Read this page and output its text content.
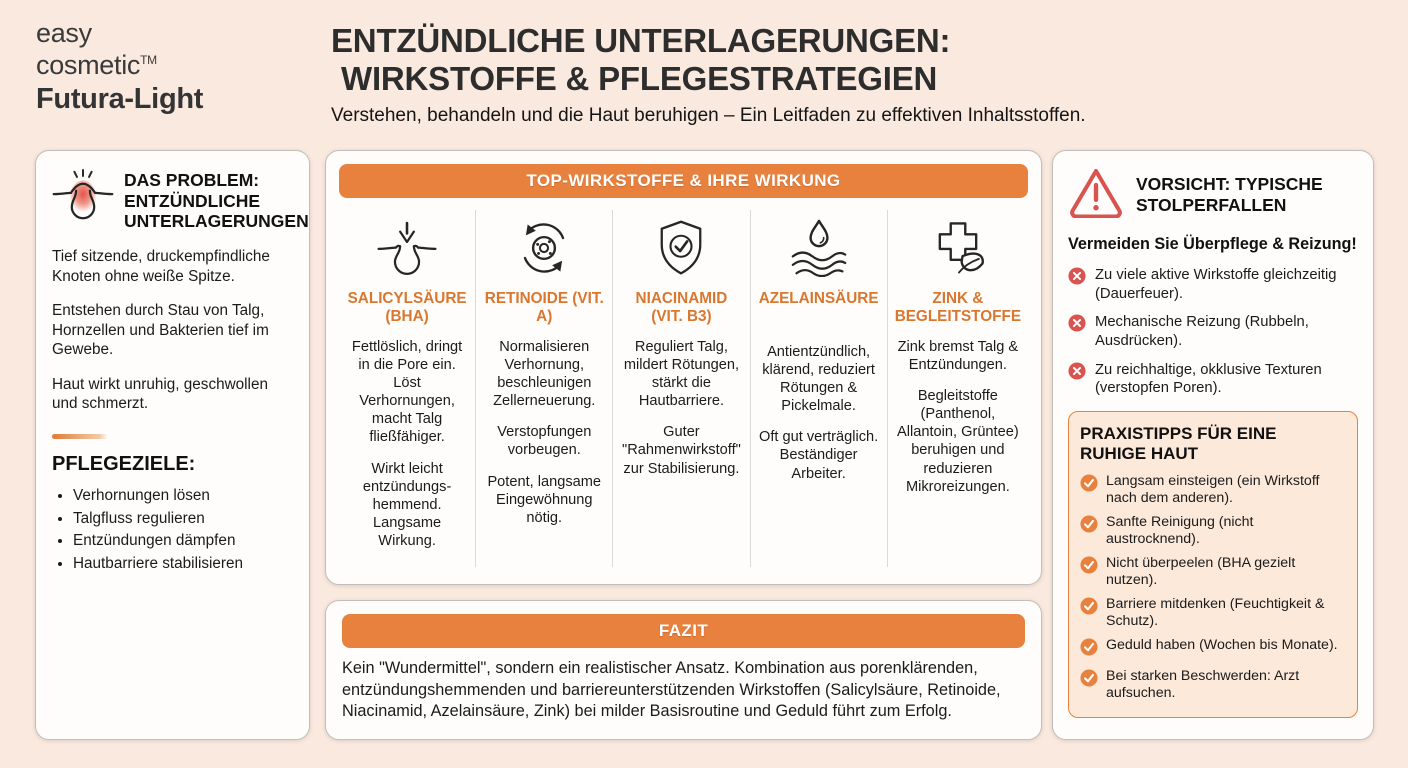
easy
cosmetic™
Futura-Light
ENTZÜNDLICHE UNTERLAGERUNGEN:
WIRKSTOFFE & PFLEGESTRATEGIEN

Verstehen, behandeln und die Haut beruhigen – Ein Leitfaden zu effektiven Inhaltsstoffen.

DAS PROBLEM: ENTZÜNDLICHE UNTERLAGERUNGEN

Tief sitzende, druckempfindliche Knoten ohne weiße Spitze.

Entstehen durch Stau von Talg, Hornzellen und Bakterien tief im Gewebe.

Haut wirkt unruhig, geschwollen und schmerzt.

PFLEGEZIELE:
• Verhornungen lösen
• Talgfluss regulieren
• Entzündungen dämpfen
• Hautbarriere stabilisieren
TOP-WIRKSTOFFE & IHRE WIRKUNG
SALICYLSÄURE (BHA)

Fettlöslich, dringt in die Pore ein. Löst Verhornungen, macht Talg fließfähiger.

Wirkt leicht entzündungs-hemmend. Langsame Wirkung.

RETINOIDE (VIT. A)

Normalisieren Verhornung, beschleunigen Zellerneuerung.

Verstopfungen vorbeugen.

Potent, langsame Eingewöhnung nötig.

NIACINAMID (VIT. B3)

Reguliert Talg, mildert Rötungen, stärkt die Hautbarriere.

Guter "Rahmenwirkstoff" zur Stabilisierung.

AZELAINSÄURE

Antientzündlich, klärend, reduziert Rötungen & Pickelmale.

Oft gut verträglich. Beständiger Arbeiter.

ZINK & BEGLEITSTOFFE

Zink bremst Talg & Entzündungen.

Begleitstoffe (Panthenol, Allantoin, Grüntee) beruhigen und reduzieren Mikroreizungen.

FAZIT

Kein "Wundermittel", sondern ein realistischer Ansatz. Kombination aus porenklärenden, entzündungshemmenden und barriereunterstützenden Wirkstoffen (Salicylsäure, Retinoide, Niacinamid, Azelainsäure, Zink) bei milder Basisroutine und Geduld führt zum Erfolg.

VORSICHT: TYPISCHE STOLPERFALLEN

Vermeiden Sie Überpflege & Reizung!

Zu viele aktive Wirkstoffe gleichzeitig (Dauerfeuer).
Mechanische Reizung (Rubbeln, Ausdrücken).
Zu reichhaltige, okklusive Texturen (verstopfen Poren).
PRAXISTIPPS FÜR EINE RUHIGE HAUT
Langsam einsteigen (ein Wirkstoff nach dem anderen).
Sanfte Reinigung (nicht austrocknend).
Nicht überpeelen (BHA gezielt nutzen).
Barriere mitdenken (Feuchtigkeit & Schutz).
Geduld haben (Wochen bis Monate).
Bei starken Beschwerden: Arzt aufsuchen.
